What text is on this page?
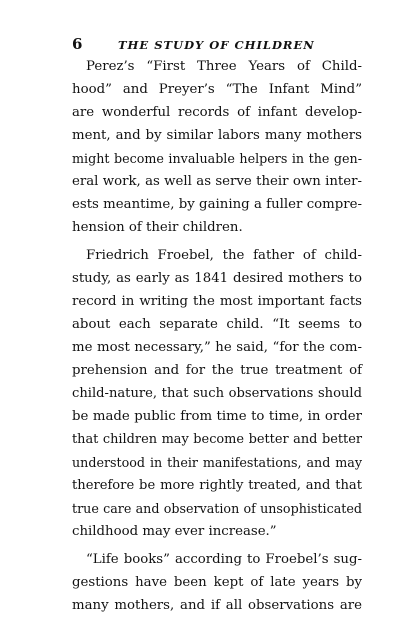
6	THE STUDY OF CHILDREN
Perez’s “First Three Years of Child-
hood” and Preyer’s “The Infant Mind”
are wonderful records of infant develop-
ment, and by similar labors many mothers
might become invaluable helpers in the gen-
eral work, as well as serve their own inter-
ests meantime, by gaining a fuller compre-
hension of their children.
Friedrich Froebel, the father of child-
study, as early as 1841 desired mothers to
record in writing the most important facts
about each separate child. “It seems to
me most necessary,” he said, “for the com-
prehension and for the true treatment of
child-nature, that such observations should
be made public from time to time, in order
that children may become better and better
understood in their manifestations, and may
therefore be more rightly treated, and that
true care and observation of unsophisticated
childhood may ever increase.”
“Life books” according to Froebel’s sug-
gestions have been kept of late years by
many mothers, and if all observations are
